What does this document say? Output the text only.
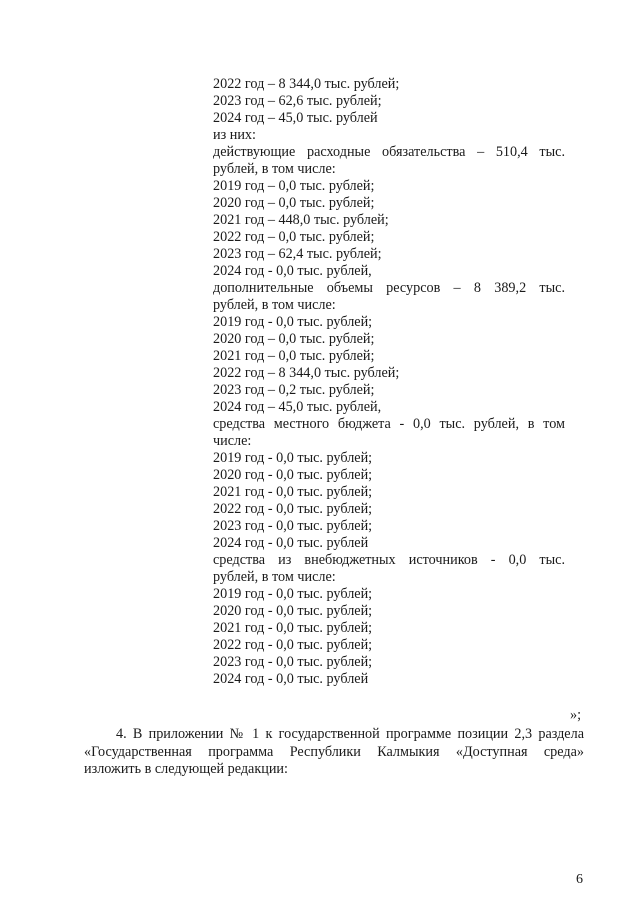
2022 год – 8 344,0 тыс. рублей;
2023 год – 62,6 тыс. рублей;
2024 год – 45,0 тыс. рублей
из них:
действующие расходные обязательства – 510,4 тыс.
рублей, в том числе:
2019 год – 0,0 тыс. рублей;
2020 год – 0,0 тыс. рублей;
2021 год – 448,0 тыс. рублей;
2022 год – 0,0 тыс. рублей;
2023 год – 62,4 тыс. рублей;
2024 год - 0,0 тыс. рублей,
дополнительные объемы ресурсов – 8 389,2 тыс.
рублей, в том числе:
2019 год - 0,0 тыс. рублей;
2020 год – 0,0 тыс. рублей;
2021 год – 0,0 тыс. рублей;
2022 год – 8 344,0 тыс. рублей;
2023 год – 0,2 тыс. рублей;
2024 год – 45,0 тыс. рублей,
средства местного бюджета - 0,0 тыс. рублей, в том
числе:
2019 год - 0,0 тыс. рублей;
2020 год - 0,0 тыс. рублей;
2021 год - 0,0 тыс. рублей;
2022 год - 0,0 тыс. рублей;
2023 год - 0,0 тыс. рублей;
2024 год - 0,0 тыс. рублей
средства из внебюджетных источников - 0,0 тыс.
рублей, в том числе:
2019 год - 0,0 тыс. рублей;
2020 год - 0,0 тыс. рублей;
2021 год - 0,0 тыс. рублей;
2022 год - 0,0 тыс. рублей;
2023 год - 0,0 тыс. рублей;
2024 год - 0,0 тыс. рублей
»;
4. В приложении № 1 к государственной программе позиции 2,3 раздела
«Государственная программа Республики Калмыкия «Доступная среда»
изложить в следующей редакции:
6
